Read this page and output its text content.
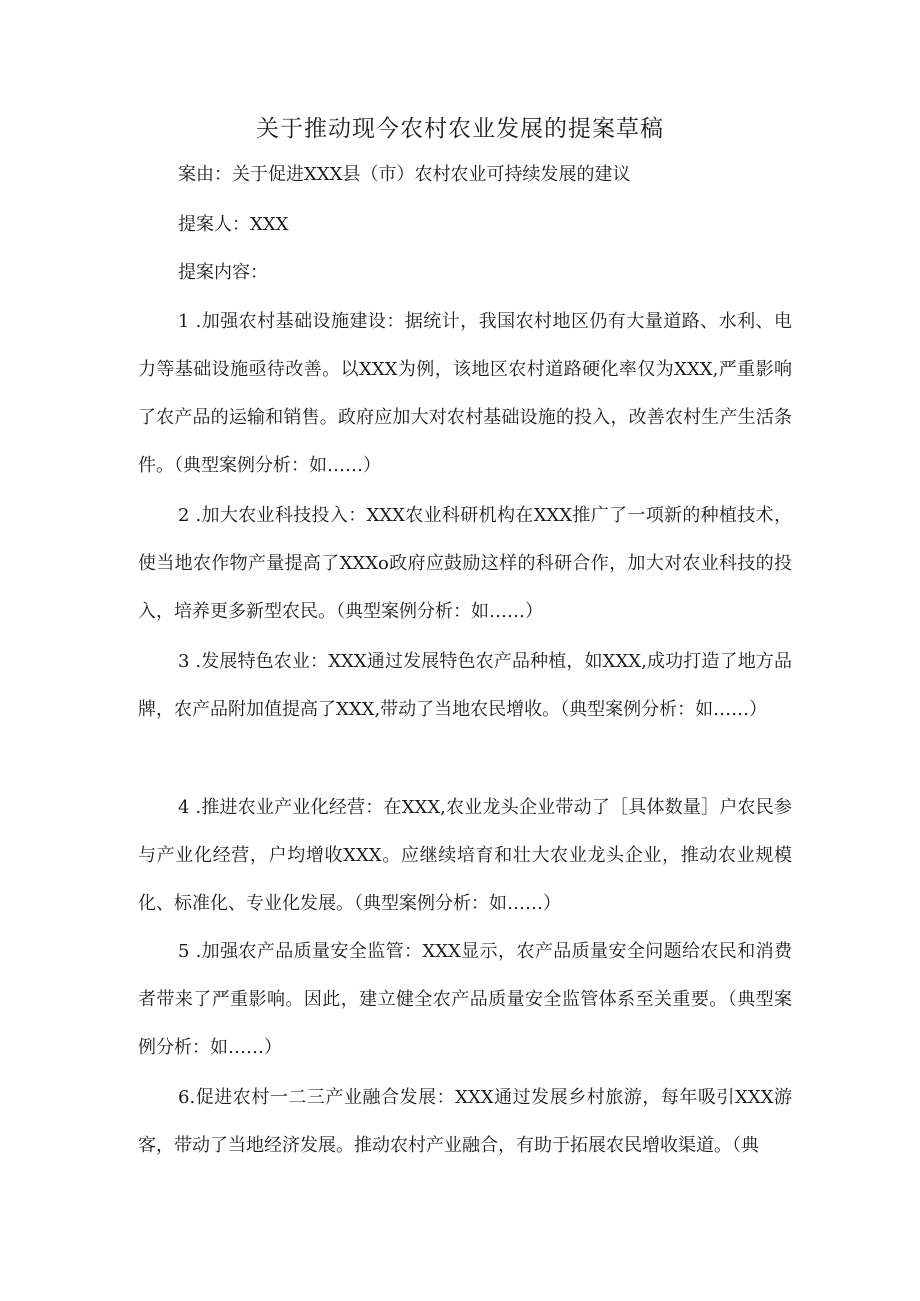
关于推动现今农村农业发展的提案草稿
案由：关于促进XXX县（市）农村农业可持续发展的建议
提案人：XXX
提案内容：
1 .加强农村基础设施建设：据统计，我国农村地区仍有大量道路、水利、电力等基础设施亟待改善。以XXX为例，该地区农村道路硬化率仅为XXX,严重影响了农产品的运输和销售。政府应加大对农村基础设施的投入，改善农村生产生活条件。（典型案例分析：如……）
2 .加大农业科技投入：XXX农业科研机构在XXX推广了一项新的种植技术，使当地农作物产量提高了XXXo政府应鼓励这样的科研合作，加大对农业科技的投入，培养更多新型农民。（典型案例分析：如……）
3 .发展特色农业：XXX通过发展特色农产品种植，如XXX,成功打造了地方品牌，农产品附加值提高了XXX,带动了当地农民增收。（典型案例分析：如……）
4 .推进农业产业化经营：在XXX,农业龙头企业带动了［具体数量］户农民参与产业化经营，户均增收XXX。应继续培育和壮大农业龙头企业，推动农业规模化、标准化、专业化发展。（典型案例分析：如……）
5 .加强农产品质量安全监管：XXX显示，农产品质量安全问题给农民和消费者带来了严重影响。因此，建立健全农产品质量安全监管体系至关重要。（典型案例分析：如……）
6.促进农村一二三产业融合发展：XXX通过发展乡村旅游，每年吸引XXX游客，带动了当地经济发展。推动农村产业融合，有助于拓展农民增收渠道。（典
